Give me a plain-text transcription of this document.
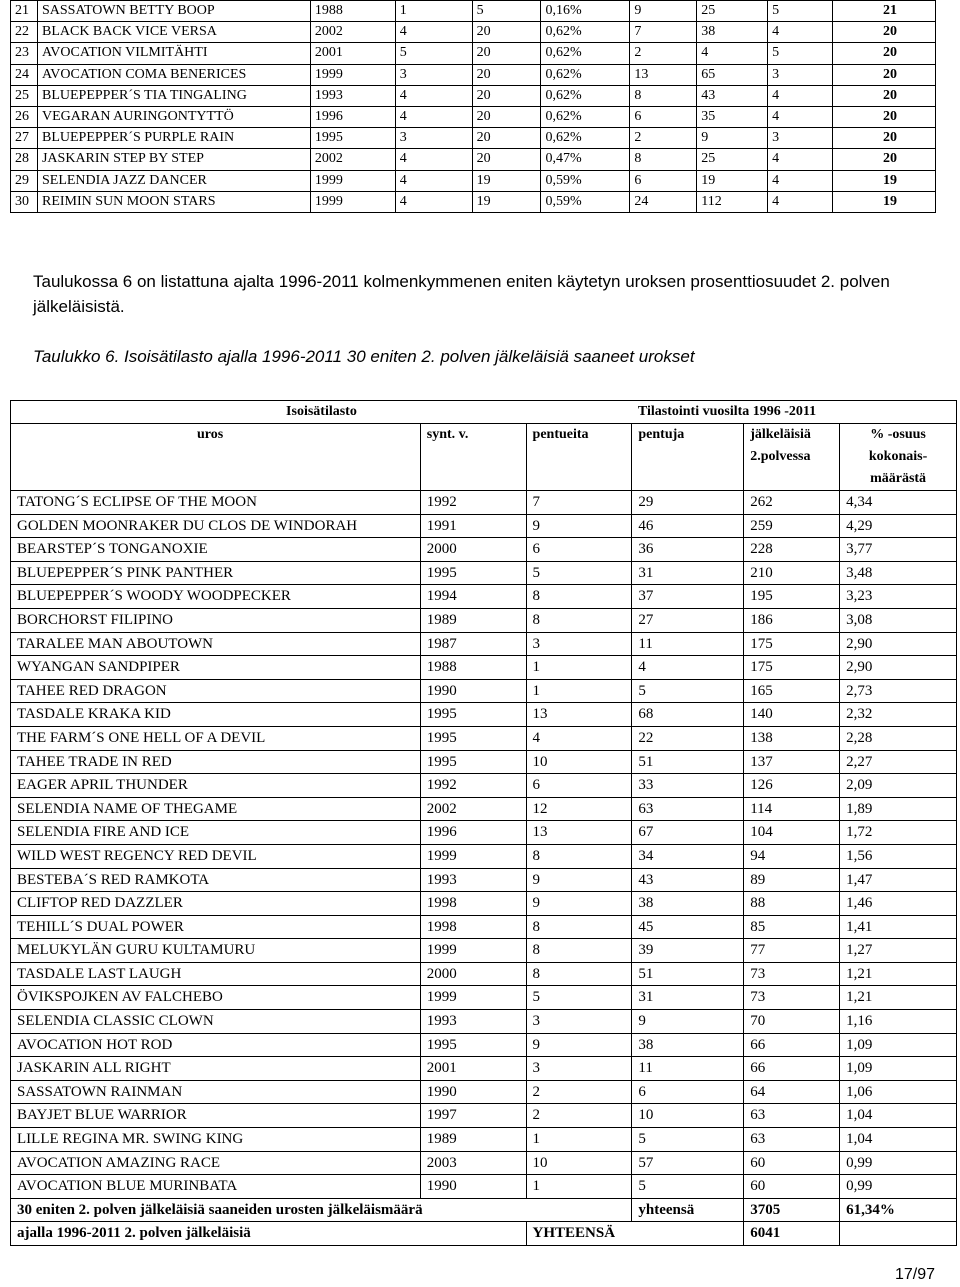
21	SASSATOWN BETTY BOOP	1988	1	5	0,16%	9	25	5	21
22	BLACK BACK VICE VERSA	2002	4	20	0,62%	7	38	4	20
23	AVOCATION VILMITÄHTI	2001	5	20	0,62%	2	4	5	20
24	AVOCATION COMA BENERICES	1999	3	20	0,62%	13	65	3	20
25	BLUEPEPPER´S TIA TINGALING	1993	4	20	0,62%	8	43	4	20
26	VEGARAN AURINGONTYTTÖ	1996	4	20	0,62%	6	35	4	20
27	BLUEPEPPER´S PURPLE RAIN	1995	3	20	0,62%	2	9	3	20
28	JASKARIN STEP BY STEP	2002	4	20	0,47%	8	25	4	20
29	SELENDIA JAZZ DANCER	1999	4	19	0,59%	6	19	4	19
30	REIMIN SUN MOON STARS	1999	4	19	0,59%	24	112	4	19
Taulukossa 6 on listattuna ajalta 1996-2011 kolmenkymmenen eniten käytetyn uroksen prosenttiosuudet 2. polven jälkeläisistä.
Taulukko 6. Isoisätilasto ajalla 1996-2011 30 eniten 2. polven jälkeläisiä saaneet urokset
Isoisätilasto			Tilastointi vuosilta 1996 -2011		
uros	synt. v.	pentueita	pentuja	jälkeläisiä 2.polvessa	% -osuus kokonais-määrästä
TATONG´S ECLIPSE OF THE MOON	1992	7	29	262	4,34
GOLDEN MOONRAKER DU CLOS DE WINDORAH	1991	9	46	259	4,29
BEARSTEP´S TONGANOXIE	2000	6	36	228	3,77
BLUEPEPPER´S PINK PANTHER	1995	5	31	210	3,48
BLUEPEPPER´S WOODY WOODPECKER	1994	8	37	195	3,23
BORCHORST FILIPINO	1989	8	27	186	3,08
TARALEE MAN ABOUTOWN	1987	3	11	175	2,90
WYANGAN SANDPIPER	1988	1	4	175	2,90
TAHEE RED DRAGON	1990	1	5	165	2,73
TASDALE KRAKA KID	1995	13	68	140	2,32
THE FARM´S ONE HELL OF A DEVIL	1995	4	22	138	2,28
TAHEE TRADE IN RED	1995	10	51	137	2,27
EAGER APRIL THUNDER	1992	6	33	126	2,09
SELENDIA NAME OF THEGAME	2002	12	63	114	1,89
SELENDIA FIRE AND ICE	1996	13	67	104	1,72
WILD WEST REGENCY RED DEVIL	1999	8	34	94	1,56
BESTEBA´S RED RAMKOTA	1993	9	43	89	1,47
CLIFTOP RED DAZZLER	1998	9	38	88	1,46
TEHILL´S DUAL POWER	1998	8	45	85	1,41
MELUKYLÄN GURU KULTAMURU	1999	8	39	77	1,27
TASDALE LAST LAUGH	2000	8	51	73	1,21
ÖVIKSPOJKEN AV FALCHEBO	1999	5	31	73	1,21
SELENDIA CLASSIC CLOWN	1993	3	9	70	1,16
AVOCATION HOT ROD	1995	9	38	66	1,09
JASKARIN ALL RIGHT	2001	3	11	66	1,09
SASSATOWN RAINMAN	1990	2	6	64	1,06
BAYJET BLUE WARRIOR	1997	2	10	63	1,04
LILLE REGINA MR. SWING KING	1989	1	5	63	1,04
AVOCATION AMAZING RACE	2003	10	57	60	0,99
AVOCATION BLUE MURINBATA	1990	1	5	60	0,99
30 eniten 2. polven jälkeläisiä saaneiden urosten jälkeläismäärä			yhteensä	3705	61,34%
ajalla 1996-2011 2. polven jälkeläisiä		YHTEENSÄ		6041	
17/97
